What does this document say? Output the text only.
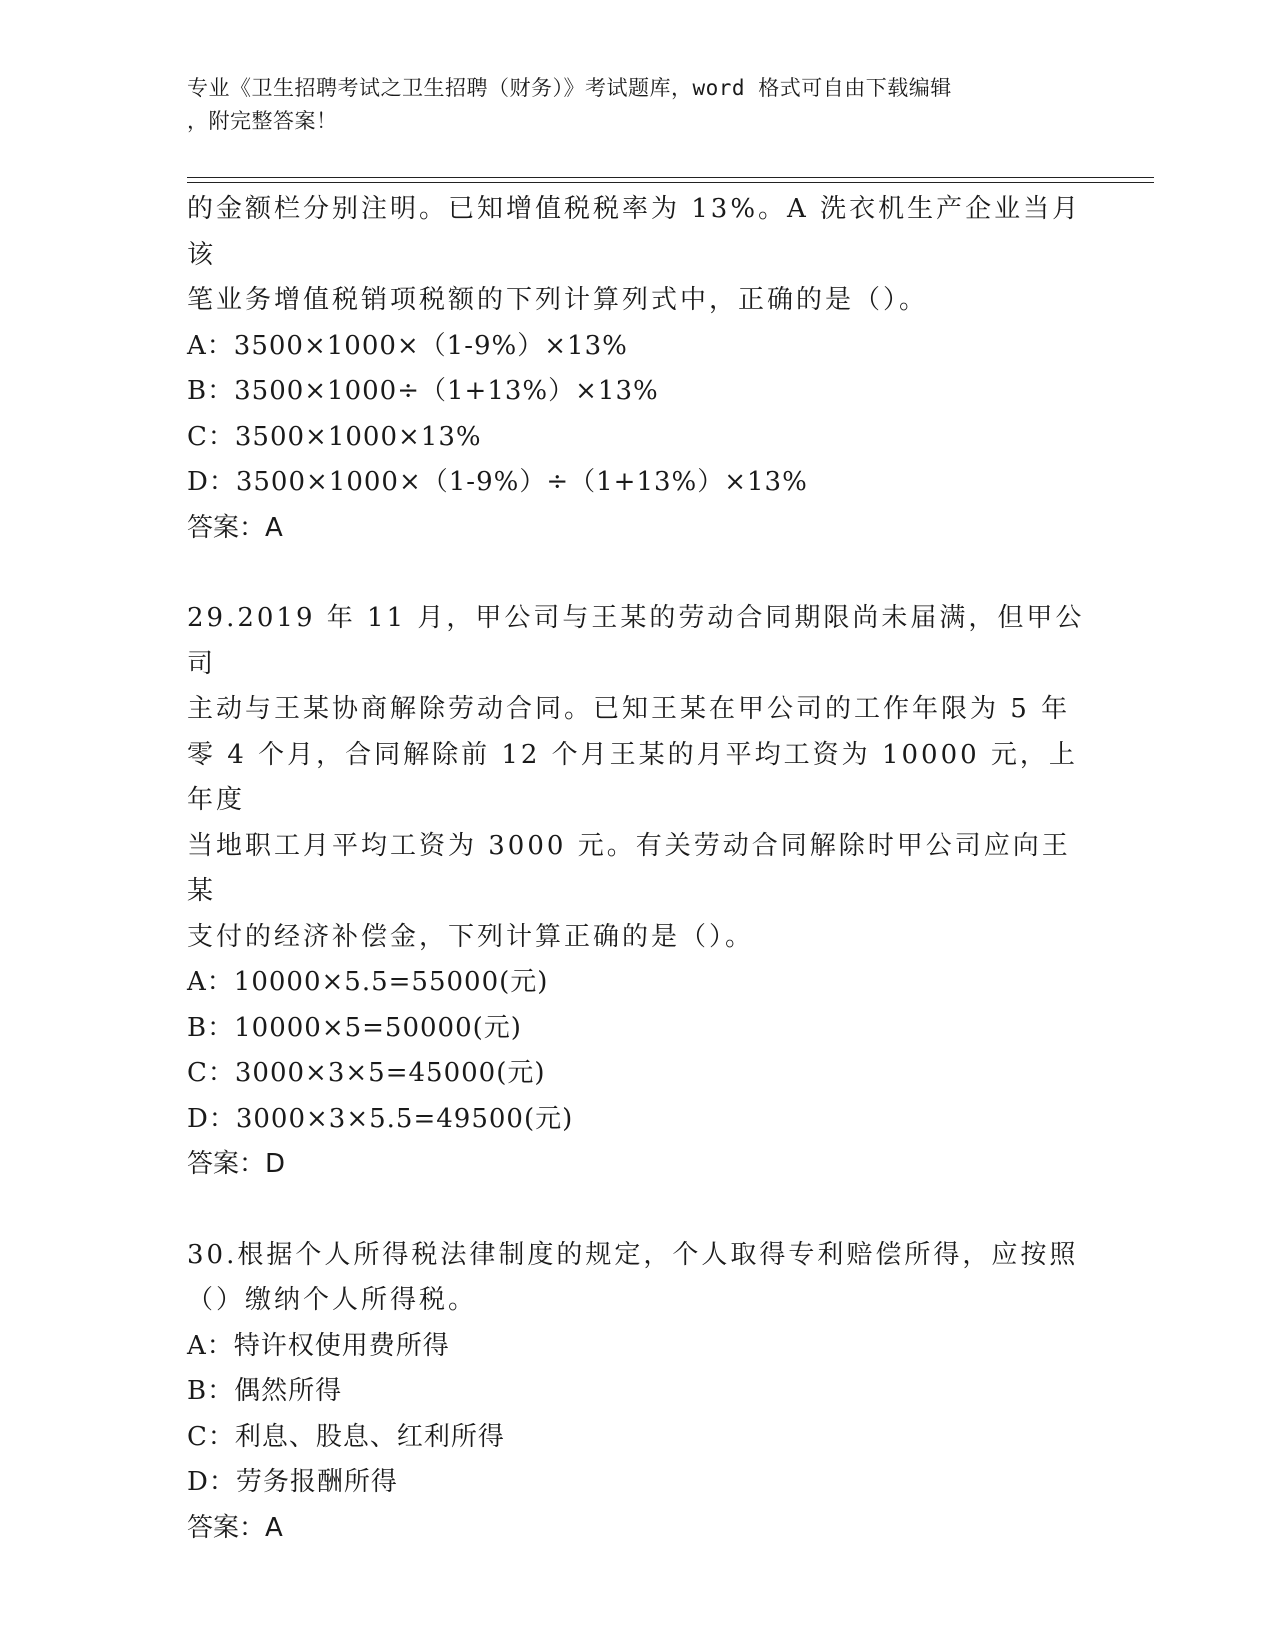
专业《卫生招聘考试之卫生招聘（财务）》考试题库，word 格式可自由下载编辑
，附完整答案！

的金额栏分别注明。已知增值税税率为 13%。A 洗衣机生产企业当月该

笔业务增值税销项税额的下列计算列式中，正确的是（）。

A：3500×1000×（1-9%）×13%

B：3500×1000÷（1+13%）×13%

C：3500×1000×13%

D：3500×1000×（1-9%）÷（1+13%）×13%

答案：A

29.2019 年 11 月，甲公司与王某的劳动合同期限尚未届满，但甲公司

主动与王某协商解除劳动合同。已知王某在甲公司的工作年限为 5 年

零 4 个月，合同解除前 12 个月王某的月平均工资为 10000 元，上年度

当地职工月平均工资为 3000 元。有关劳动合同解除时甲公司应向王某

支付的经济补偿金，下列计算正确的是（）。

A：10000×5.5=55000(元)

B：10000×5=50000(元)

C：3000×3×5=45000(元)

D：3000×3×5.5=49500(元)

答案：D

30.根据个人所得税法律制度的规定，个人取得专利赔偿所得，应按照

（）缴纳个人所得税。

A：特许权使用费所得

B：偶然所得

C：利息、股息、红利所得

D：劳务报酬所得

答案：A
